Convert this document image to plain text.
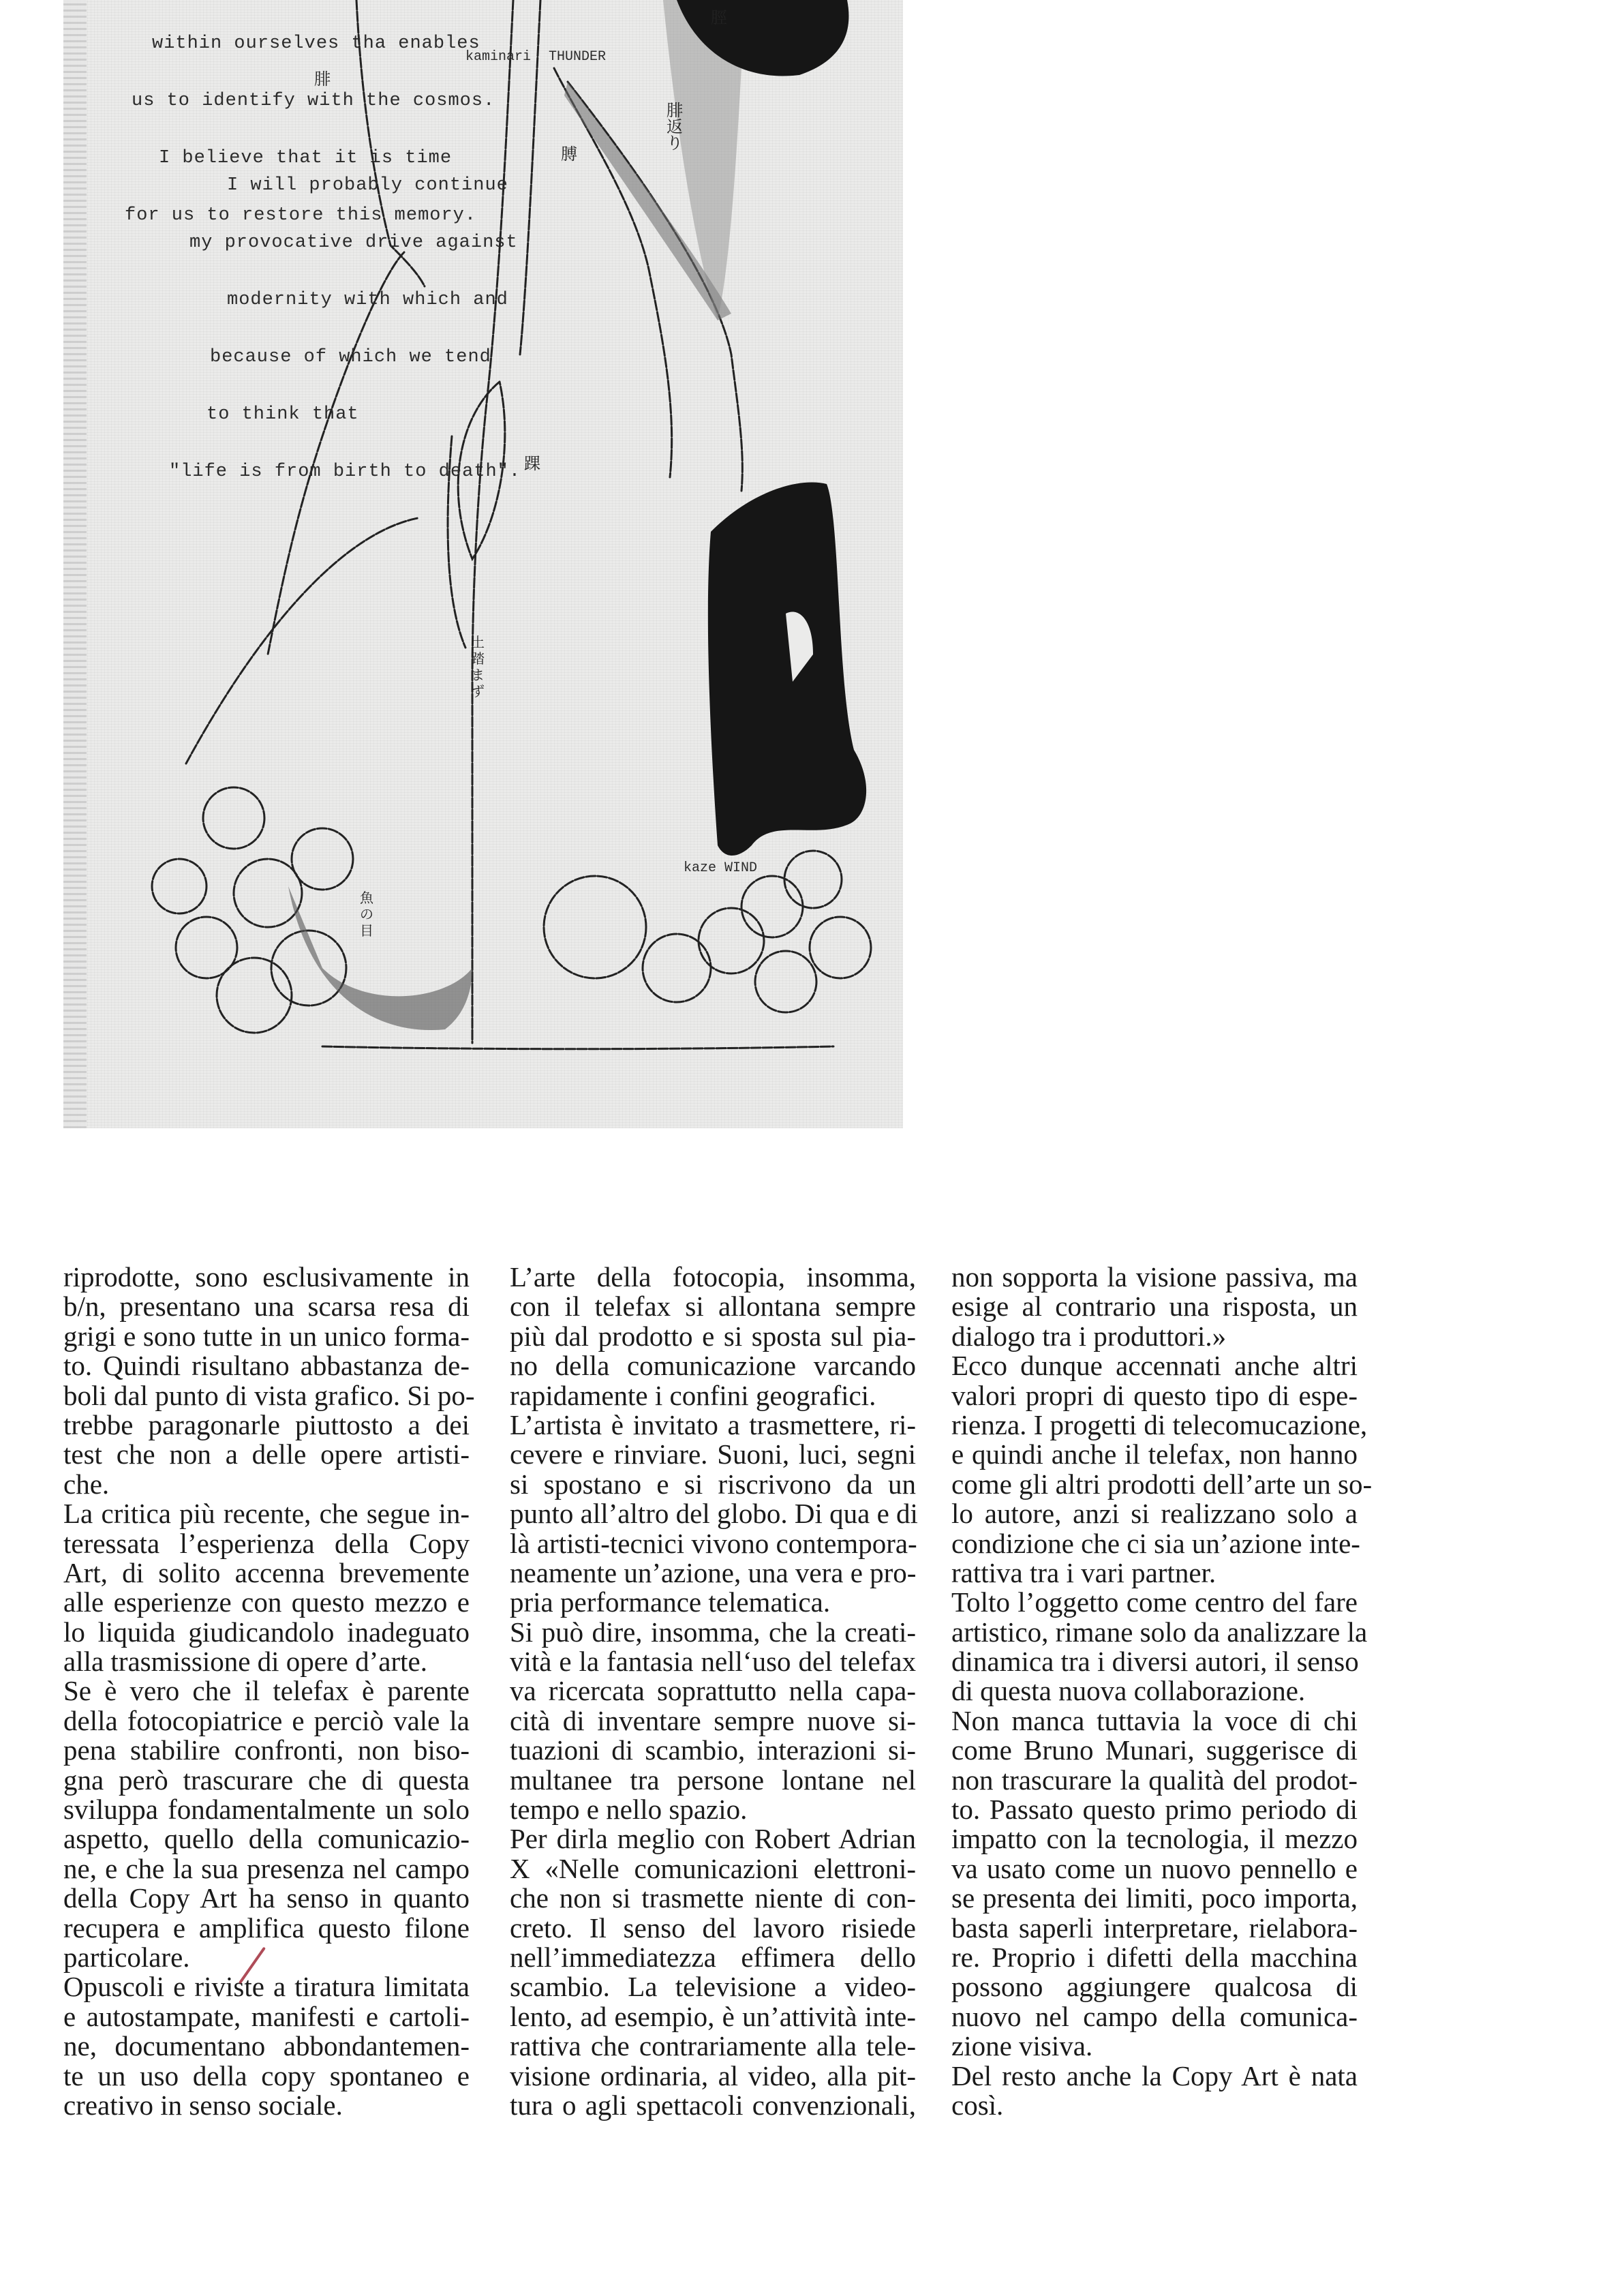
within ourselves tha enables

us to identify with the cosmos.

I believe that it is time

for us to restore this memory.

I will probably continue

my provocative drive against

modernity with which and

because of which we tend

to think that

"life is from birth to death".

kaminari THUNDER
kaze WIND
腓返り
脛
腓
膊
踝
土踏まず
魚の目
riprodotte, sono esclusivamente in
b/n, presentano una scarsa resa di
grigi e sono tutte in un unico forma-
to. Quindi risultano abbastanza de-
boli dal punto di vista grafico. Si po-
trebbe paragonarle piuttosto a dei
test che non a delle opere artisti-
che.
La critica più recente, che segue in-
teressata l’esperienza della Copy
Art, di solito accenna brevemente
alle esperienze con questo mezzo e
lo liquida giudicandolo inadeguato
alla trasmissione di opere d’arte.
Se è vero che il telefax è parente
della fotocopiatrice e perciò vale la
pena stabilire confronti, non biso-
gna però trascurare che di questa
sviluppa fondamentalmente un solo
aspetto, quello della comunicazio-
ne, e che la sua presenza nel campo
della Copy Art ha senso in quanto
recupera e amplifica questo filone
particolare.
Opuscoli e riviste a tiratura limitata
e autostampate, manifesti e cartoli-
ne, documentano abbondantemen-
te un uso della copy spontaneo e
creativo in senso sociale.
L’arte della fotocopia, insomma,
con il telefax si allontana sempre
più dal prodotto e si sposta sul pia-
no della comunicazione varcando
rapidamente i confini geografici.
L’artista è invitato a trasmettere, ri-
cevere e rinviare. Suoni, luci, segni
si spostano e si riscrivono da un
punto all’altro del globo. Di qua e di
là artisti-tecnici vivono contempora-
neamente un’azione, una vera e pro-
pria performance telematica.
Si può dire, insomma, che la creati-
vità e la fantasia nell‘uso del telefax
va ricercata soprattutto nella capa-
cità di inventare sempre nuove si-
tuazioni di scambio, interazioni si-
multanee tra persone lontane nel
tempo e nello spazio.
Per dirla meglio con Robert Adrian
X «Nelle comunicazioni elettroni-
che non si trasmette niente di con-
creto. Il senso del lavoro risiede
nell’immediatezza effimera dello
scambio. La televisione a video-
lento, ad esempio, è un’attività inte-
rattiva che contrariamente alla tele-
visione ordinaria, al video, alla pit-
tura o agli spettacoli convenzionali,
non sopporta la visione passiva, ma
esige al contrario una risposta, un
dialogo tra i produttori.»
Ecco dunque accennati anche altri
valori propri di questo tipo di espe-
rienza. I progetti di telecomucazione,
e quindi anche il telefax, non hanno
come gli altri prodotti dell’arte un so-
lo autore, anzi si realizzano solo a
condizione che ci sia un’azione inte-
rattiva tra i vari partner.
Tolto l’oggetto come centro del fare
artistico, rimane solo da analizzare la
dinamica tra i diversi autori, il senso
di questa nuova collaborazione.
Non manca tuttavia la voce di chi
come Bruno Munari, suggerisce di
non trascurare la qualità del prodot-
to. Passato questo primo periodo di
impatto con la tecnologia, il mezzo
va usato come un nuovo pennello e
se presenta dei limiti, poco importa,
basta saperli interpretare, rielabora-
re. Proprio i difetti della macchina
possono aggiungere qualcosa di
nuovo nel campo della comunica-
zione visiva.
Del resto anche la Copy Art è nata
così.
